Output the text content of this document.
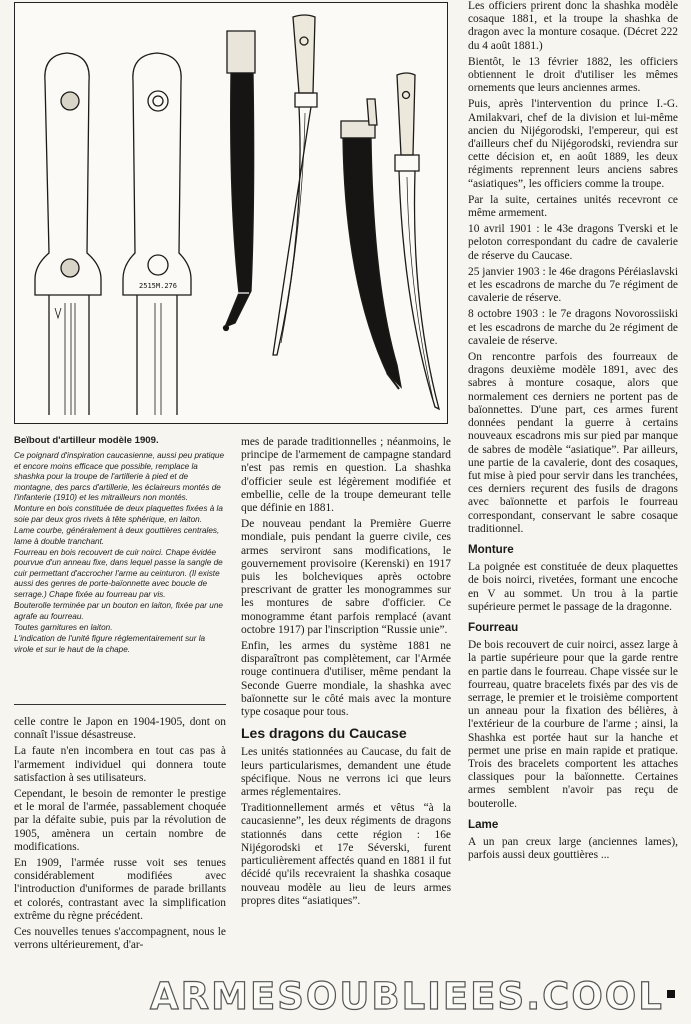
2515M.276

Beïbout d'artilleur modèle 1909.

Ce poignard d'inspiration caucasienne, aussi peu pratique et encore moins efficace que possible, remplace la shashka pour la troupe de l'artillerie à pied et de montagne, des parcs d'artillerie, les éclaireurs montés de l'infanterie (1910) et les mitrailleurs non montés.

Monture en bois constituée de deux plaquettes fixées à la soie par deux gros rivets à tête sphérique, en laiton.

Lame courbe, généralement à deux gouttières centrales, lame à double tranchant.

Fourreau en bois recouvert de cuir noirci. Chape évidée pourvue d'un anneau fixe, dans lequel passe la sangle de cuir permettant d'accrocher l'arme au ceinturon. (Il existe aussi des genres de porte-baïonnette avec boucle de serrage.) Chape fixée au fourreau par vis.

Bouterolle terminée par un bouton en laiton, fixée par une agrafe au fourreau.

Toutes garnitures en laiton.

L'indication de l'unité figure réglementairement sur la virole et sur le haut de la chape.

celle contre le Japon en 1904-1905, dont on connaît l'issue désastreuse.

La faute n'en incombera en tout cas pas à l'armement individuel qui donnera toute satisfaction à ses utilisateurs.

Cependant, le besoin de remonter le prestige et le moral de l'armée, passablement choquée par la défaite subie, puis par la révolution de 1905, amènera un certain nombre de modifications.

En 1909, l'armée russe voit ses tenues considérablement modifiées avec l'introduction d'uniformes de parade brillants et colorés, contrastant avec la simplification extrême du règne précédent.

Ces nouvelles tenues s'accompagnent, nous le verrons ultérieurement, d'ar-

mes de parade traditionnelles ; néanmoins, le principe de l'armement de campagne standard n'est pas remis en question. La shashka d'officier seule est légèrement modifiée et embellie, celle de la troupe demeurant telle que définie en 1881.

De nouveau pendant la Première Guerre mondiale, puis pendant la guerre civile, ces armes serviront sans modifications, le gouvernement provisoire (Kerenski) en 1917 puis les bolcheviques après octobre prescrivant de gratter les monogrammes sur les montures de sabre d'officier. Ce monogramme étant parfois remplacé (avant octobre 1917) par l'inscription “Russie unie”.

Enfin, les armes du système 1881 ne disparaîtront pas complètement, car l'Armée rouge continuera d'utiliser, même pendant la Seconde Guerre mondiale, la shashka avec baïonnette sur le côté mais avec la monture type cosaque pour tous.

Les dragons du Caucase

Les unités stationnées au Caucase, du fait de leurs particularismes, demandent une étude spécifique. Nous ne verrons ici que leurs armes réglementaires.

Traditionnellement armés et vêtus “à la caucasienne”, les deux régiments de dragons stationnés dans cette région : 16e Nijégorodski et 17e Séverski, furent particulièrement affectés quand en 1881 il fut décidé qu'ils recevraient la shashka cosaque nouveau modèle au lieu de leurs armes propres dites “asiatiques”.

Les officiers prirent donc la shashka modèle cosaque 1881, et la troupe la shashka de dragon avec la monture cosaque. (Décret 222 du 4 août 1881.)

Bientôt, le 13 février 1882, les officiers obtiennent le droit d'utiliser les mêmes ornements que leurs anciennes armes.

Puis, après l'intervention du prince I.-G. Amilakvari, chef de la division et lui-même ancien du Nijégorodski, l'empereur, qui est d'ailleurs chef du Nijégorodski, reviendra sur cette décision et, en août 1889, les deux régiments reprennent leurs anciens sabres “asiatiques”, les officiers comme la troupe.

Par la suite, certaines unités recevront ce même armement.

10 avril 1901 : le 43e dragons Tverski et le peloton correspondant du cadre de cavalerie de réserve du Caucase.

25 janvier 1903 : le 46e dragons Péréiaslavski et les escadrons de marche du 7e régiment de cavalerie de réserve.

8 octobre 1903 : le 7e dragons Novorossiiski et les escadrons de marche du 2e régiment de cavaleie de réserve.

On rencontre parfois des fourreaux de dragons deuxième modèle 1891, avec des sabres à monture cosaque, alors que normalement ces derniers ne portent pas de baïonnettes. D'une part, ces armes furent données pendant la guerre à certains nouveaux escadrons mis sur pied par manque de sabres de modèle “asiatique”. Par ailleurs, une partie de la cavalerie, dont des cosaques, fut mise à pied pour servir dans les tranchées, ces derniers reçurent des fusils de dragons avec baïonnette et parfois le fourreau correspondant, conservant le sabre cosaque traditionnel.

Monture

La poignée est constituée de deux plaquettes de bois noirci, rivetées, formant une encoche en V au sommet. Un trou à la partie supérieure permet le passage de la dragonne.

Fourreau

De bois recouvert de cuir noirci, assez large à la partie supérieure pour que la garde rentre en partie dans le fourreau. Chape vissée sur le fourreau, quatre bracelets fixés par des vis de serrage, le premier et le troisième comportent un anneau pour la fixation des bélières, à l'extérieur de la courbure de l'arme ; ainsi, la Shashka est portée haut sur la hanche et permet une prise en main rapide et pratique. Trois des bracelets comportent les attaches classiques pour la baïonnette. Certaines armes semblent n'avoir pas reçu de bouterolle.

Lame

A un pan creux large (anciennes lames), parfois aussi deux gouttières ...

ARMESOUBLIEES.COOL
